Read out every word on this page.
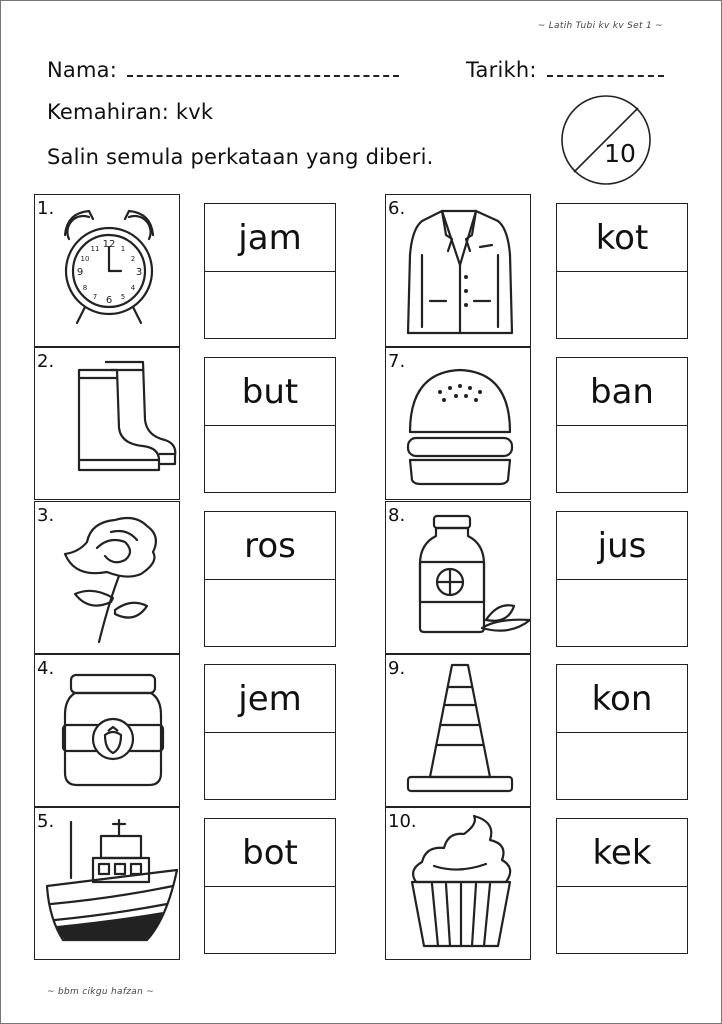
~ Latih Tubi kv kv Set 1 ~
Nama:	Tarikh:
Kemahiran: kvk
Salin semula perkataan yang diberi.	10
1.
12
3
6
9
11	1
2
4
5
7
8
10
jam
2.
but
3.
ros
4.
jem
5.
bot
6.
kot
7.
ban
8.
jus
9.
kon
10.
kek
~ bbm cikgu hafzan ~
